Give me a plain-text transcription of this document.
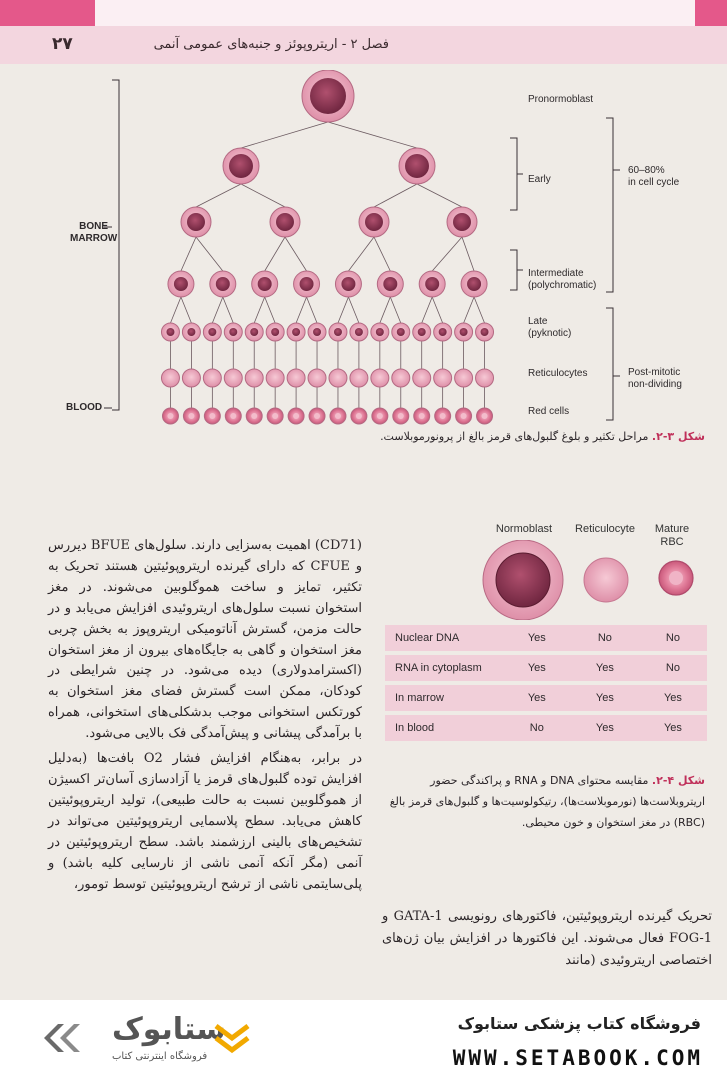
۲۷	فصل ۲ - اریتروپوئز و جنبه‌های عمومی آنمی
Pronormoblast
Early
60–80%
in cell cycle
BONE
MARROW
Intermediate
(polychromatic)
Late
(pyknotic)
Reticulocytes	Post-mitotic
non-dividing
BLOOD	Red cells
شکل ۳-۲. مراحل تکثیر و بلوغ گلبول‌های قرمز بالغ از پرونورموبلاست.

(CD71) اهمیت به‌سزایی دارند. سلول‌های BFUE دیررس و CFUE که دارای گیرنده اریتروپوئیتین هستند تحریک به تکثیر، تمایز و ساخت هموگلوبین می‌شوند. در مغز استخوان نسبت سلول‌های اریتروئیدی افزایش می‌یابد و در حالت مزمن، گسترش آناتومیکی اریتروپوز به بخش چربی مغز استخوان و گاهی به جایگاه‌های بیرون از مغز استخوان (اکسترامدولاری) دیده می‌شود. در چنین شرایطی در کودکان، ممکن است گسترش فضای مغز استخوان به کورتکس استخوانی موجب بدشکلی‌های استخوانی، همراه با برآمدگی پیشانی و پیش‌آمدگی فک بالایی می‌شود.

در برابر، به‌هنگام افزایش فشار O2 بافت‌ها (به‌دلیل افزایش توده گلبول‌های قرمز یا آزادسازی آسان‌تر اکسیژن از هموگلوبین نسبت به حالت طبیعی)، تولید اریتروپوئیتین کاهش می‌یابد. سطح پلاسمایی اریتروپوئیتین می‌تواند در تشخیص‌های بالینی ارزشمند باشد. سطح اریتروپوئیتین در آنمی (مگر آنکه آنمی ناشی از نارسایی کلیه باشد) و پلی‌سایتمی ناشی از ترشح اریتروپوئیتین توسط تومور،

تحریک گیرنده اریتروپوئیتین، فاکتورهای رونویسی GATA-1 و FOG-1 فعال می‌شوند. این فاکتورها در افزایش بیان ژن‌های اختصاصی اریتروئیدی (مانند
Normoblast	Reticulocyte	Mature
RBC
Nuclear DNA	Yes	No	No
RNA in cytoplasm	Yes	Yes	No
In marrow	Yes	Yes	Yes
In blood	No	Yes	Yes
شکل ۴-۲. مقایسه محتوای DNA و RNA و پراکندگی حضور اریتروبلاست‌ها (نورموبلاست‌ها)، رتیکولوسیت‌ها و گلبول‌های قرمز بالغ (RBC) در مغز استخوان و خون محیطی.
ستابوک
فروشگاه اینترنتی کتاب
فروشگاه کتاب پزشکی ستابوک
WWW.SETABOOK.COM
